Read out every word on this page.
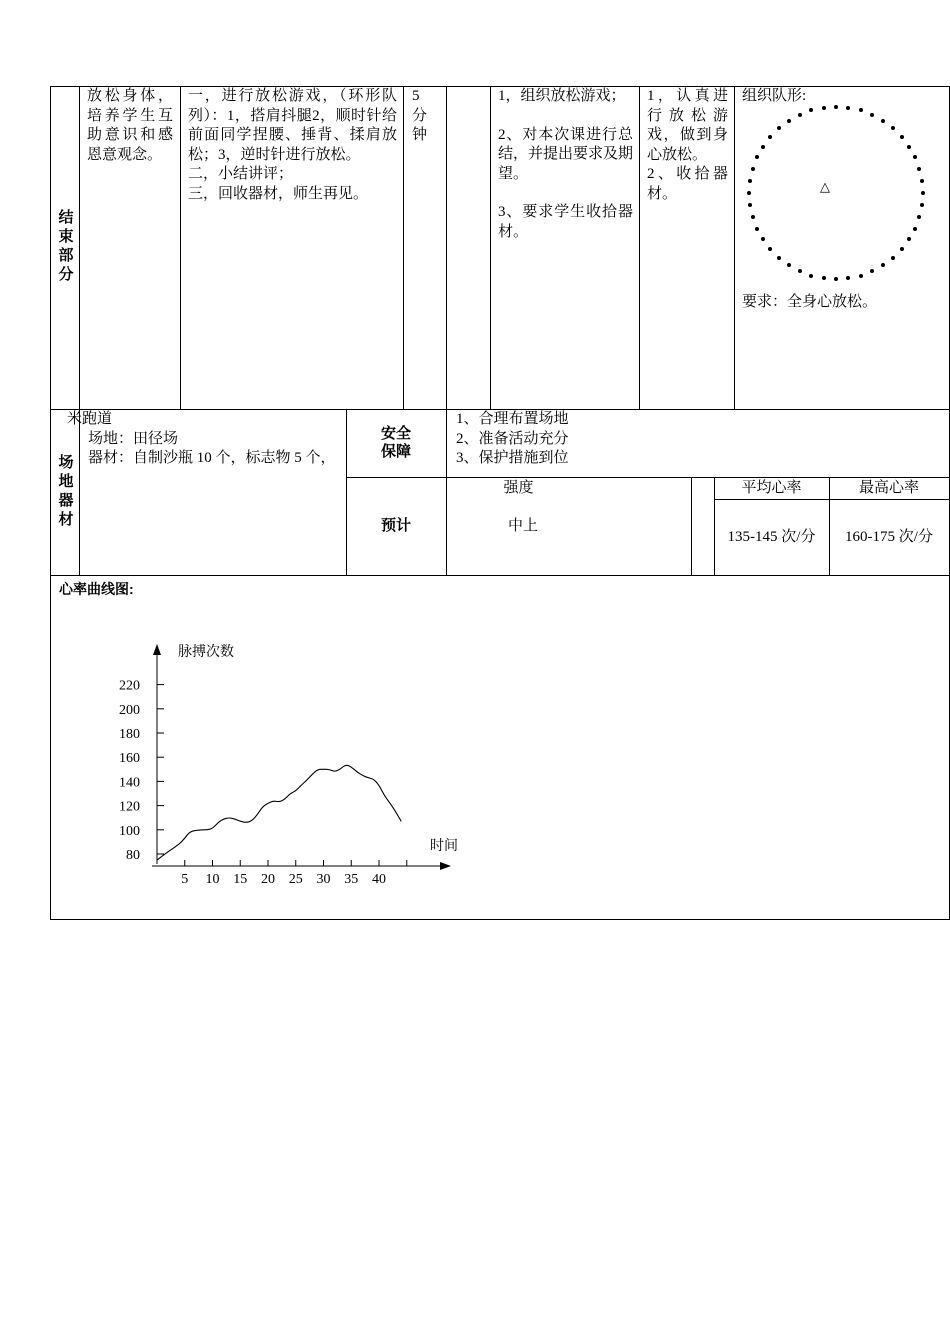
结束部分
放松身体，培养学生互助意识和感恩意观念。
一，进行放松游戏，（环形队列）：1，搭肩抖腿2，顺时针给前面同学捏腰、捶背、揉肩放松；3，逆时针进行放松。
二，小结讲评；
三，回收器材，师生再见。
5分钟
1，组织放松游戏；
2、对本次课进行总结，并提出要求及期望。
3、要求学生收拾器材。
1，认真进行放松游戏，做到身心放松。
2、收拾器材。
组织队形:
△
要求：全身心放松。
场地器材
米跑道
场地：田径场
器材：自制沙瓶 10 个，标志物 5 个，
安全保障
1、合理布置场地
2、准备活动充分
3、保护措施到位
预计
强度
中上
平均心率
135-145 次/分
最高心率
160-175 次/分
心率曲线图:
脉搏次数
时间
80
100
120
140
160
180
200
220
5 10 15 20 25 30 35 40
